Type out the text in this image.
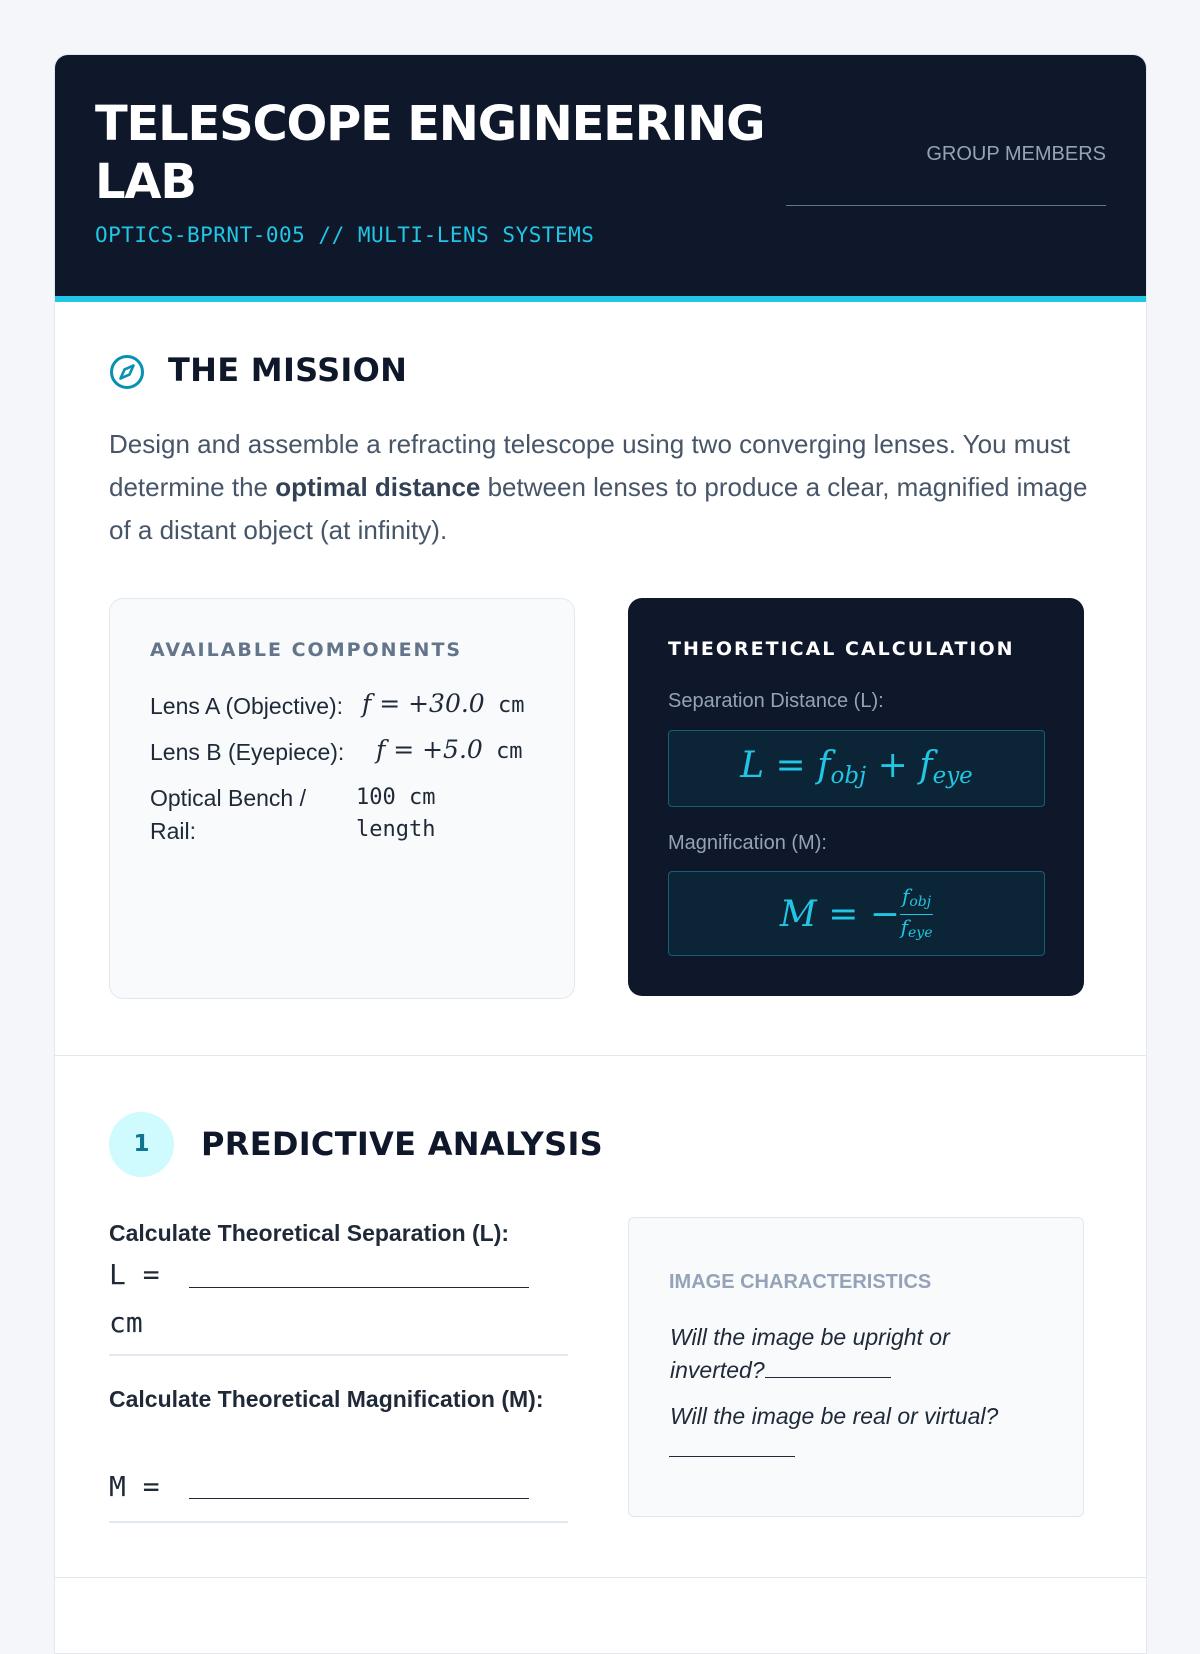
TELESCOPE ENGINEERING LAB
OPTICS-BPRNT-005 // MULTI-LENS SYSTEMS
GROUP MEMBERS
THE MISSION
Design and assemble a refracting telescope using two converging lenses. You must determine the optimal distance between lenses to produce a clear, magnified image of a distant object (at infinity).
AVAILABLE COMPONENTS
Lens A (Objective): f = +30.0 cm
Lens B (Eyepiece): f = +5.0 cm
Optical Bench /
Rail:
100 cm
length
THEORETICAL CALCULATION
Separation Distance (L):
$L = f_{obj} + f_{eye}$
Magnification (M):
M = − $\frac{f_{obj}}{f_{eye}}$
1	PREDICTIVE ANALYSIS
Calculate Theoretical Separation (L):
L =
cm
Calculate Theoretical Magnification (M):
M =
IMAGE CHARACTERISTICS
Will the image be upright or
inverted?
Will the image be real or virtual?
